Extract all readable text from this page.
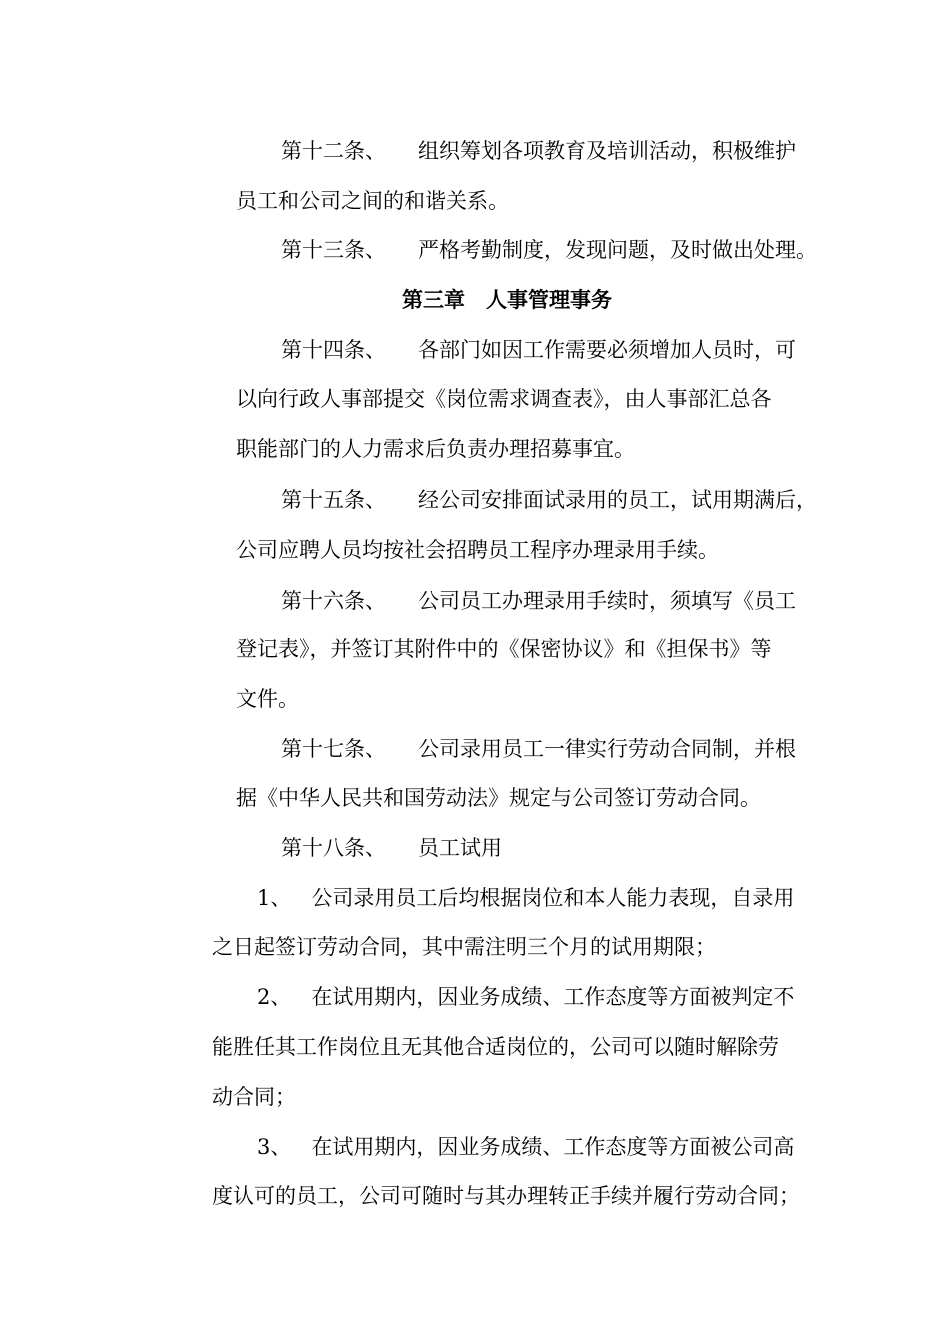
第十二条、 组织筹划各项教育及培训活动，积极维护
员工和公司之间的和谐关系。
第十三条、 严格考勤制度，发现问题，及时做出处理。
第三章　人事管理事务
第十四条、 各部门如因工作需要必须增加人员时，可
以向行政人事部提交《岗位需求调查表》，由人事部汇总各
职能部门的人力需求后负责办理招募事宜。
第十五条、 经公司安排面试录用的员工，试用期满后，
公司应聘人员均按社会招聘员工程序办理录用手续。
第十六条、 公司员工办理录用手续时，须填写《员工
登记表》，并签订其附件中的《保密协议》和《担保书》等
文件。
第十七条、 公司录用员工一律实行劳动合同制，并根
据《中华人民共和国劳动法》规定与公司签订劳动合同。
第十八条、 员工试用
1、 公司录用员工后均根据岗位和本人能力表现，自录用
之日起签订劳动合同，其中需注明三个月的试用期限；
2、 在试用期内，因业务成绩、工作态度等方面被判定不
能胜任其工作岗位且无其他合适岗位的，公司可以随时解除劳
动合同；
3、 在试用期内，因业务成绩、工作态度等方面被公司高
度认可的员工，公司可随时与其办理转正手续并履行劳动合同；
